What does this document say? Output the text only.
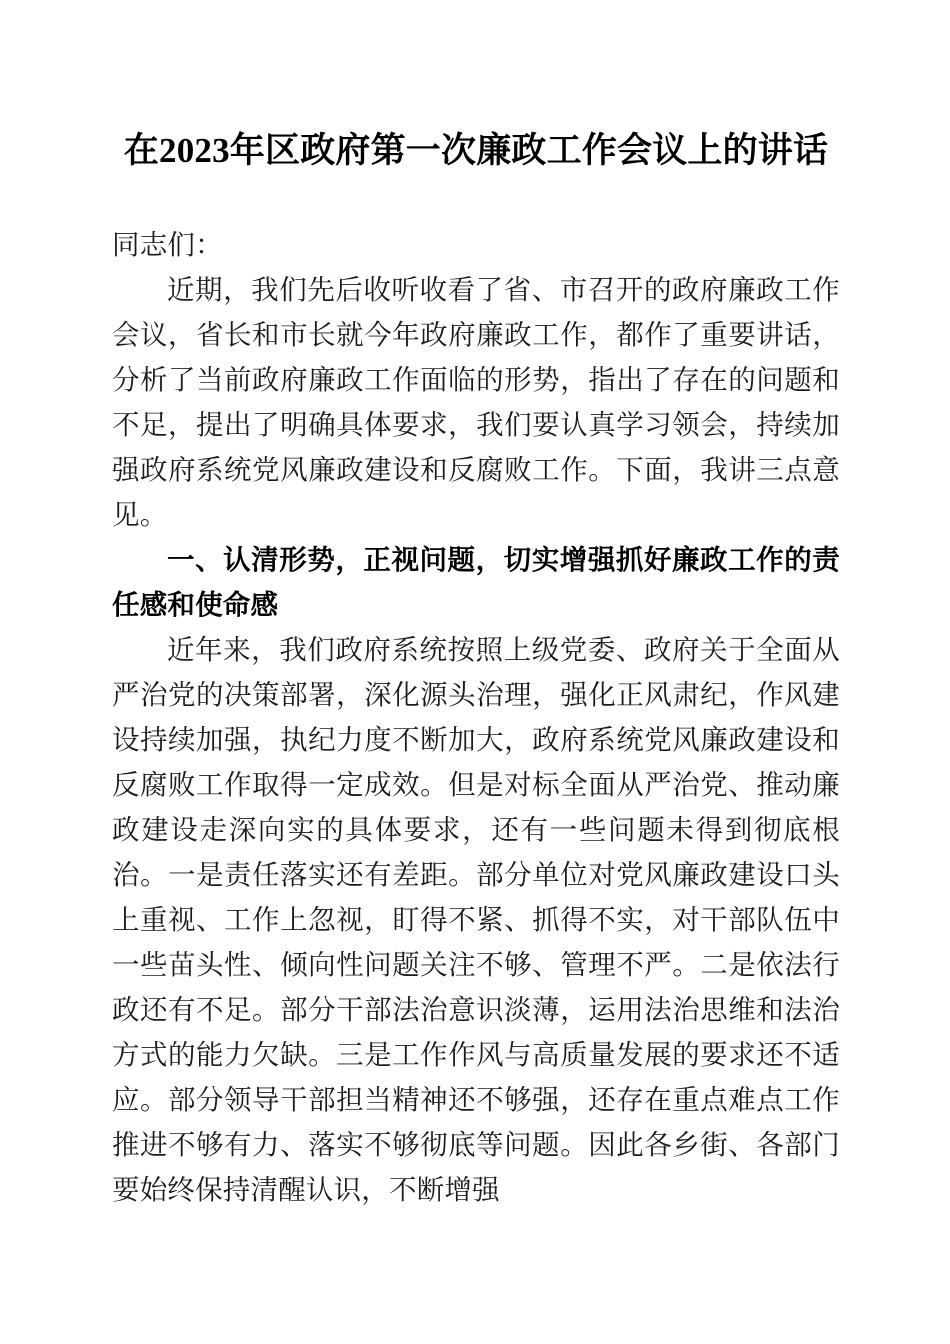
在2023年区政府第一次廉政工作会议上的讲话

同志们：

近期，我们先后收听收看了省、市召开的政府廉政工作会议，省长和市长就今年政府廉政工作，都作了重要讲话，分析了当前政府廉政工作面临的形势，指出了存在的问题和不足，提出了明确具体要求，我们要认真学习领会，持续加强政府系统党风廉政建设和反腐败工作。下面，我讲三点意见。

一、认清形势，正视问题，切实增强抓好廉政工作的责任感和使命感

近年来，我们政府系统按照上级党委、政府关于全面从严治党的决策部署，深化源头治理，强化正风肃纪，作风建设持续加强，执纪力度不断加大，政府系统党风廉政建设和反腐败工作取得一定成效。但是对标全面从严治党、推动廉政建设走深向实的具体要求，还有一些问题未得到彻底根治。一是责任落实还有差距。部分单位对党风廉政建设口头上重视、工作上忽视，盯得不紧、抓得不实，对干部队伍中一些苗头性、倾向性问题关注不够、管理不严。二是依法行政还有不足。部分干部法治意识淡薄，运用法治思维和法治方式的能力欠缺。三是工作作风与高质量发展的要求还不适应。部分领导干部担当精神还不够强，还存在重点难点工作推进不够有力、落实不够彻底等问题。因此各乡街、各部门要始终保持清醒认识，不断增强
